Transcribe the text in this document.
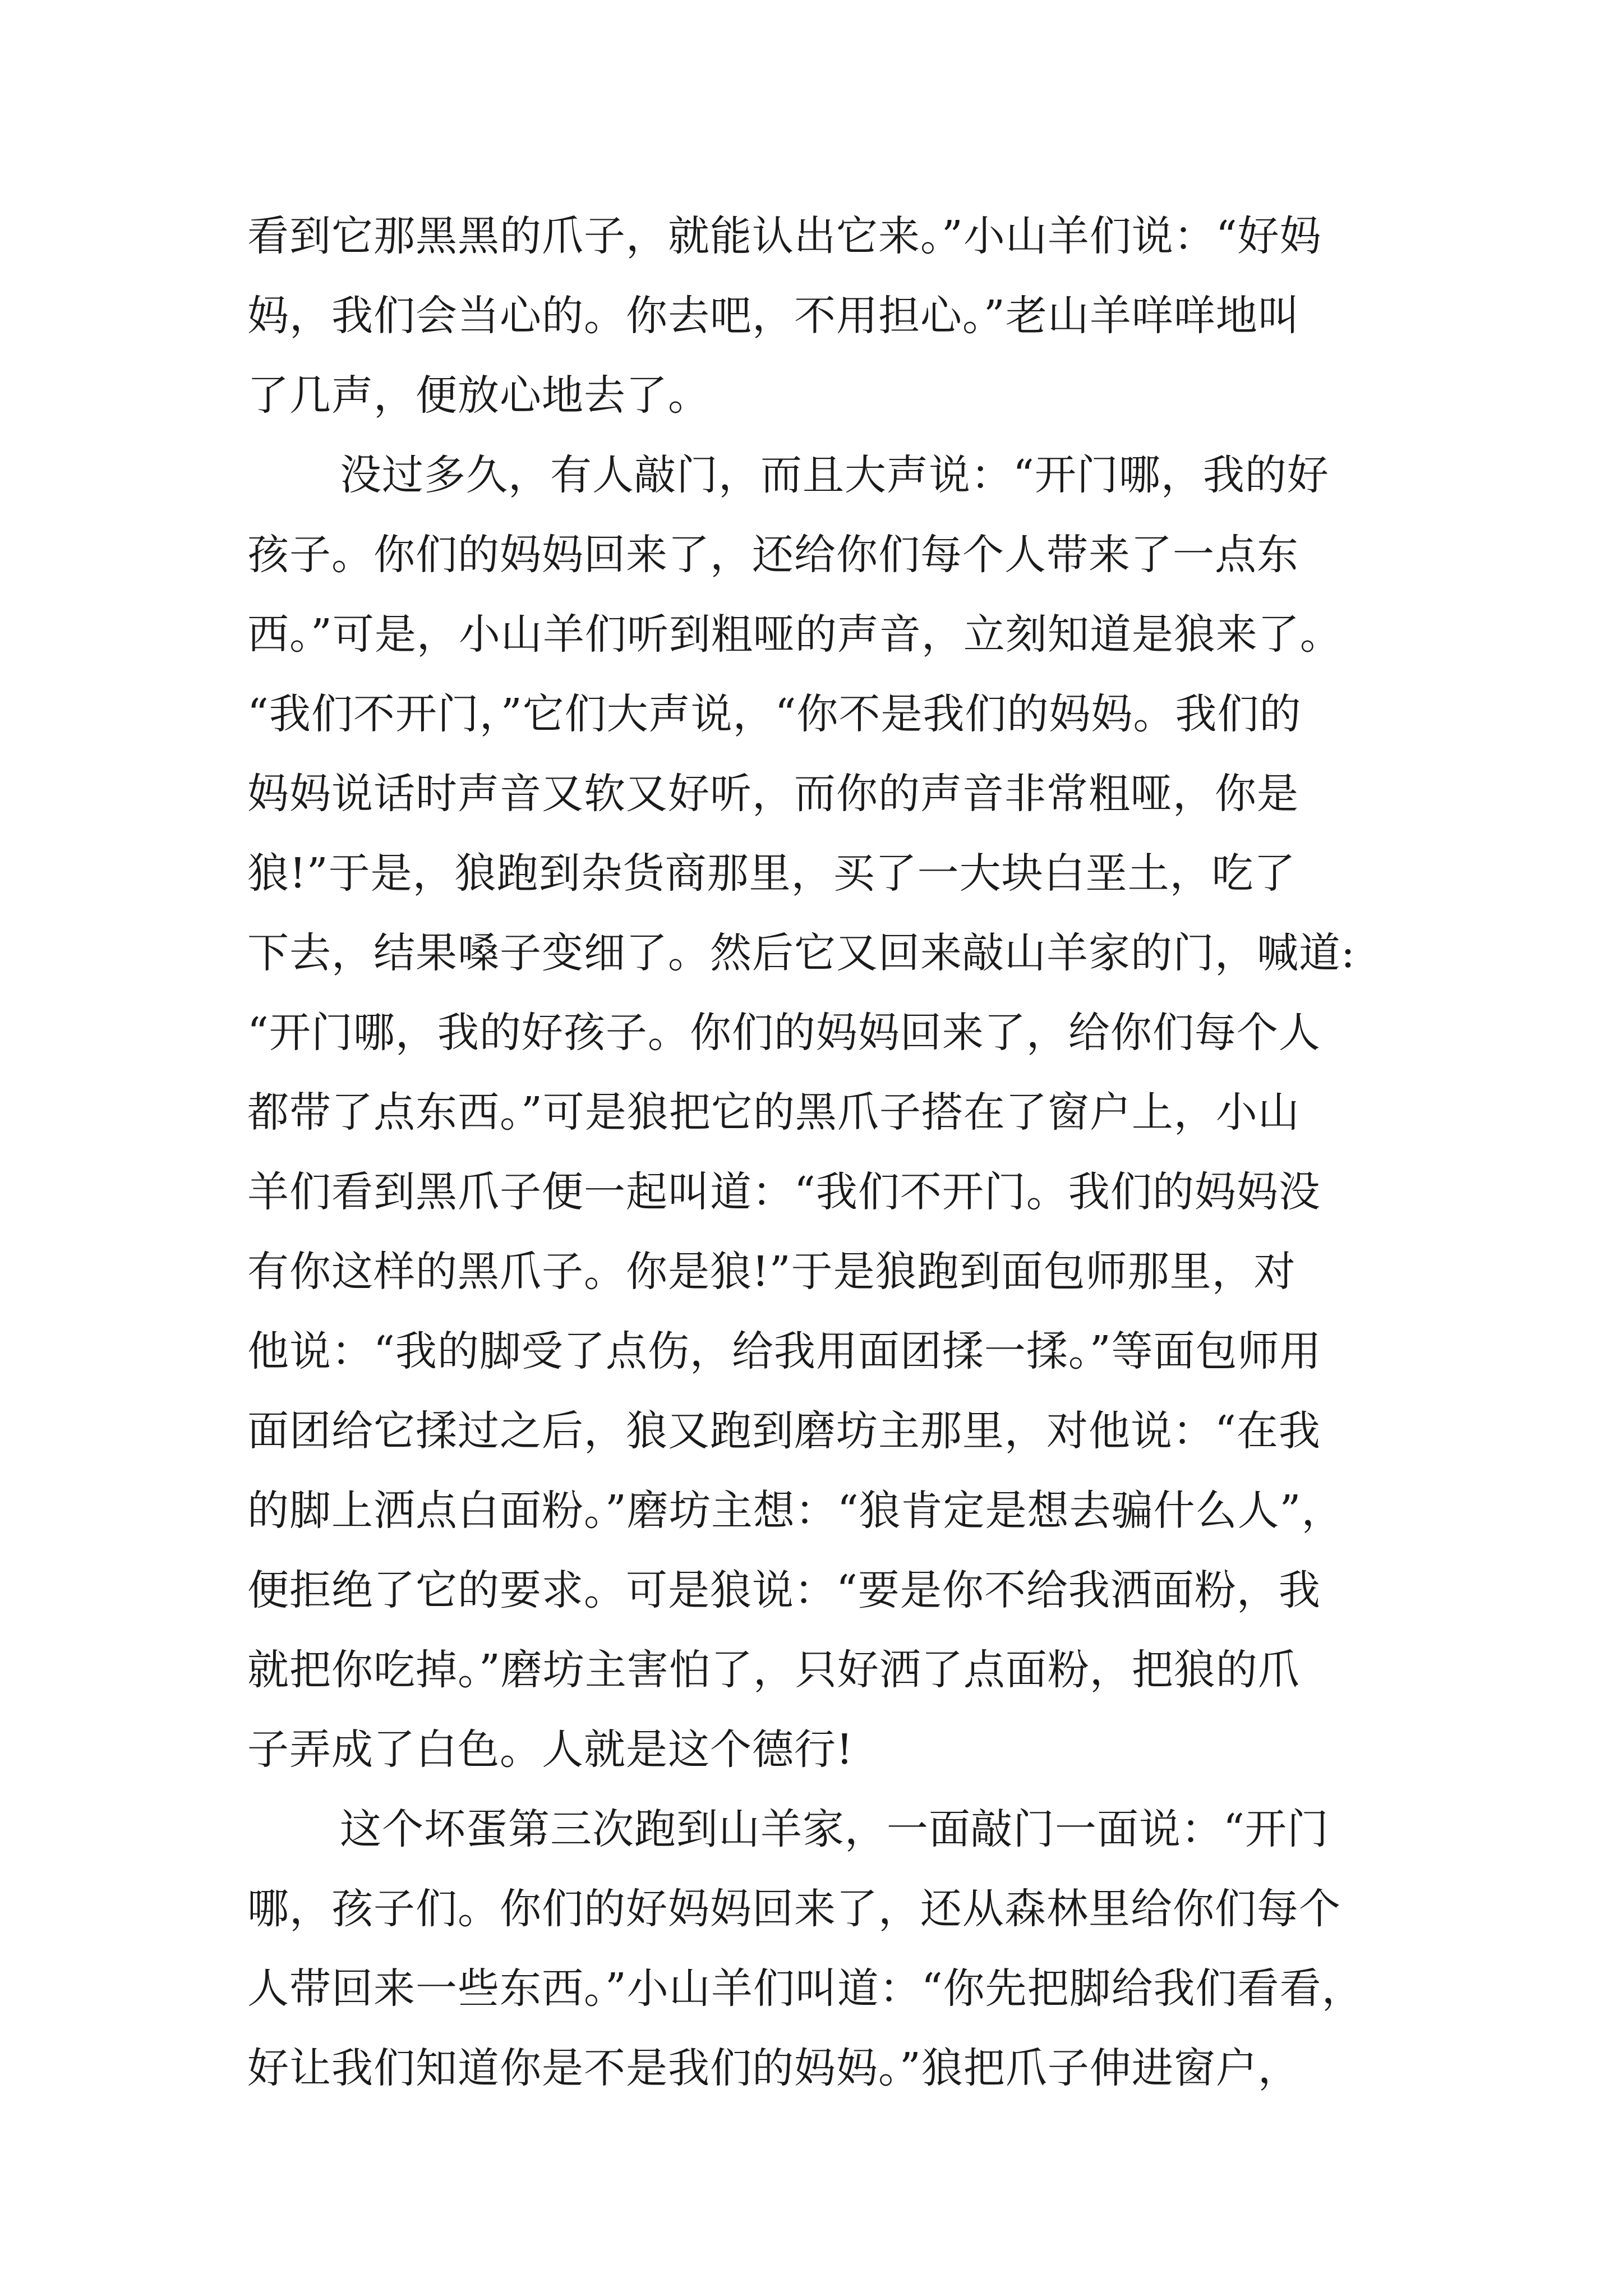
看到它那黑黑的爪子，就能认出它来。”小山羊们说：“好妈
妈，我们会当心的。你去吧，不用担心。”老山羊咩咩地叫
了几声，便放心地去了。
没过多久，有人敲门，而且大声说：“开门哪，我的好
孩子。你们的妈妈回来了，还给你们每个人带来了一点东
西。”可是，小山羊们听到粗哑的声音，立刻知道是狼来了。
“我们不开门，”它们大声说，“你不是我们的妈妈。我们的
妈妈说话时声音又软又好听，而你的声音非常粗哑，你是
狼!”于是，狼跑到杂货商那里，买了一大块白垩土，吃了
下去，结果嗓子变细了。然后它又回来敲山羊家的门，喊道:
“开门哪，我的好孩子。你们的妈妈回来了，给你们每个人
都带了点东西。”可是狼把它的黑爪子搭在了窗户上，小山
羊们看到黑爪子便一起叫道：“我们不开门。我们的妈妈没
有你这样的黑爪子。你是狼!”于是狼跑到面包师那里，对
他说：“我的脚受了点伤，给我用面团揉一揉。”等面包师用
面团给它揉过之后，狼又跑到磨坊主那里，对他说：“在我
的脚上洒点白面粉。”磨坊主想：“狼肯定是想去骗什么人”，
便拒绝了它的要求。可是狼说：“要是你不给我洒面粉，我
就把你吃掉。”磨坊主害怕了，只好洒了点面粉，把狼的爪
子弄成了白色。人就是这个德行!
这个坏蛋第三次跑到山羊家，一面敲门一面说：“开门
哪，孩子们。你们的好妈妈回来了，还从森林里给你们每个
人带回来一些东西。”小山羊们叫道：“你先把脚给我们看看，
好让我们知道你是不是我们的妈妈。”狼把爪子伸进窗户，
